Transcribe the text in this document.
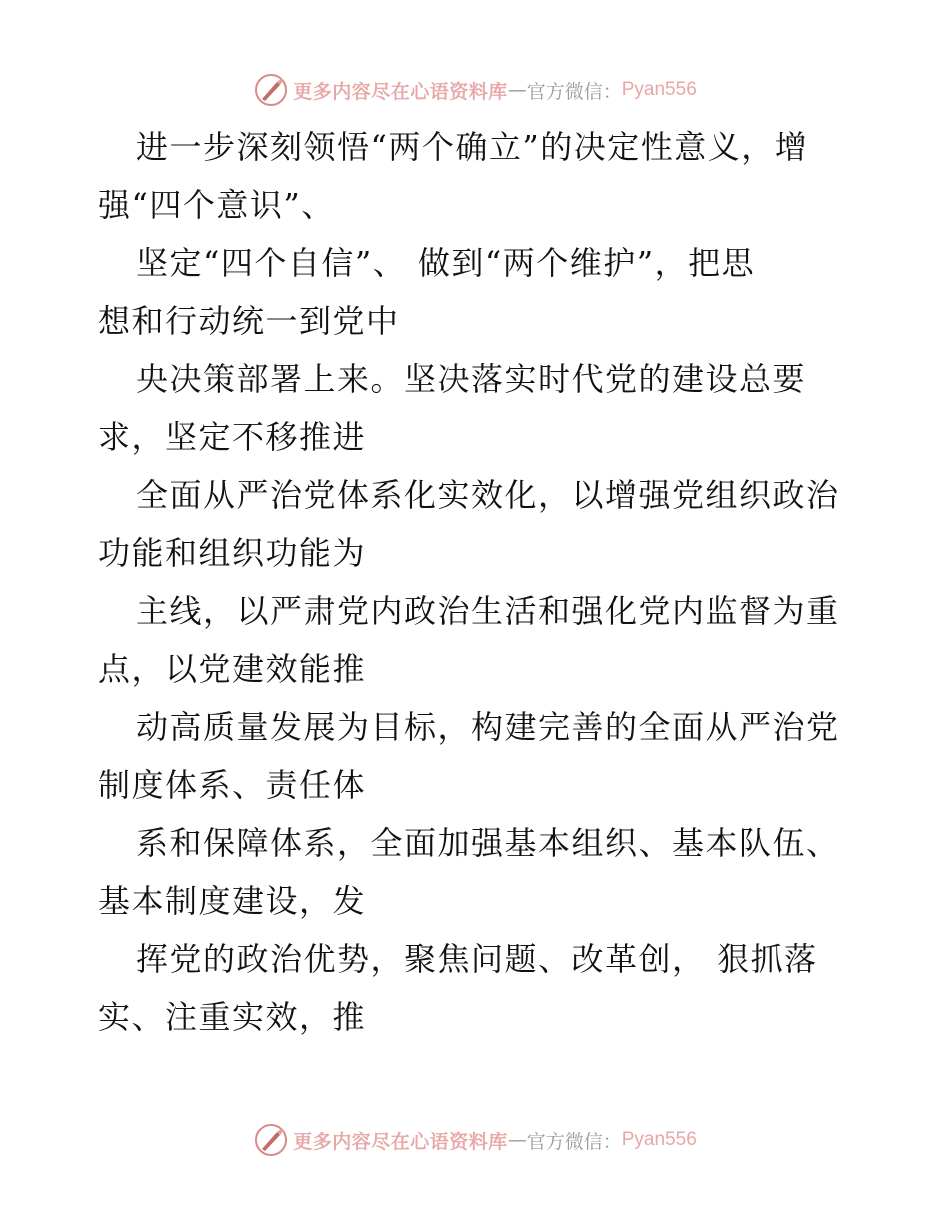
更多内容尽在心语资料库 — 官方微信： Pyan556
进一步深刻领悟“两个确立”的决定性意义，增
强“四个意识”、
坚定“四个自信”、 做到“两个维护”，把思
想和行动统一到党中
央决策部署上来。坚决落实时代党的建设总要
求，坚定不移推进
全面从严治党体系化实效化，以增强党组织政治
功能和组织功能为
主线，以严肃党内政治生活和强化党内监督为重
点，以党建效能推
动高质量发展为目标，构建完善的全面从严治党
制度体系、责任体
系和保障体系，全面加强基本组织、基本队伍、
基本制度建设，发
挥党的政治优势，聚焦问题、改革创， 狠抓落
实、注重实效，推
更多内容尽在心语资料库 — 官方微信： Pyan556
